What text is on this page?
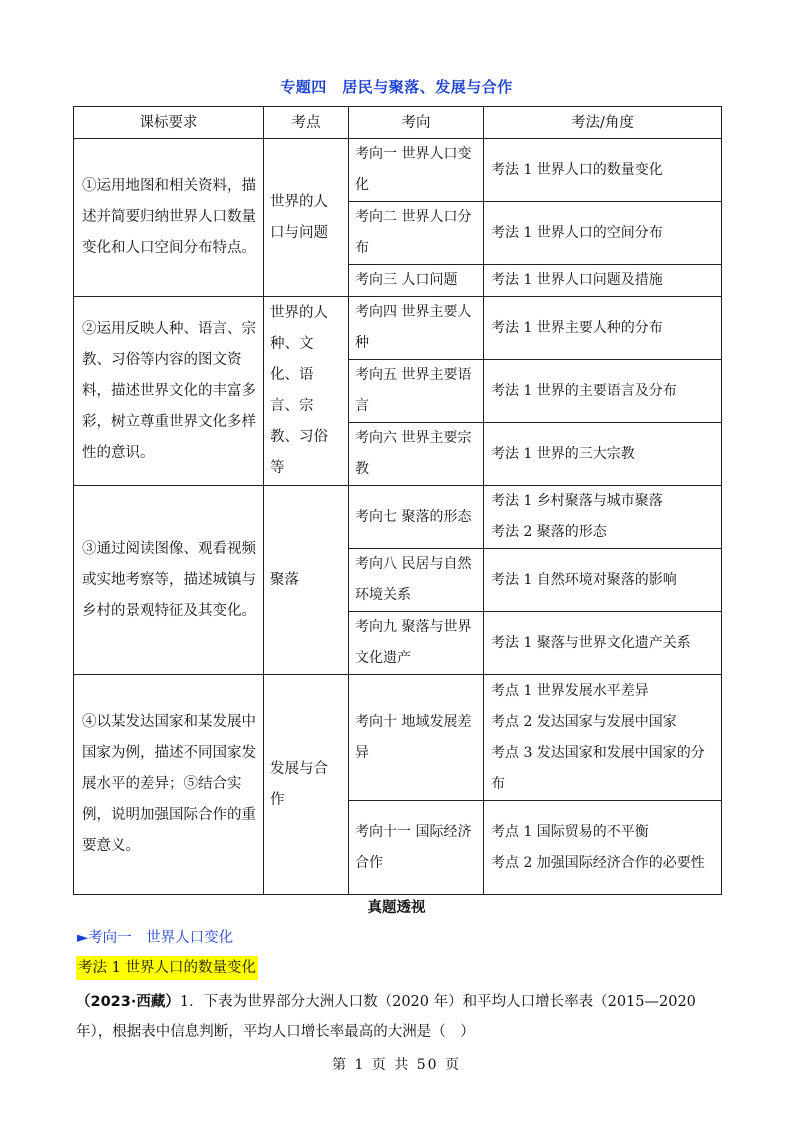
专题四　居民与聚落、发展与合作
课标要求	考点	考向	考法/角度
①运用地图和相关资料，描述并简要归纳世界人口数量变化和人口空间分布特点。	世界的人口与问题	考向一 世界人口变化	考法 1 世界人口的数量变化
		考向二 世界人口分布	考法 1 世界人口的空间分布
		考向三 人口问题	考法 1 世界人口问题及措施
②运用反映人种、语言、宗教、习俗等内容的图文资料，描述世界文化的丰富多彩，树立尊重世界文化多样性的意识。	世界的人种、文化、语言、宗教、习俗等	考向四 世界主要人种	考法 1 世界主要人种的分布
		考向五 世界主要语言	考法 1 世界的主要语言及分布
		考向六 世界主要宗教	考法 1 世界的三大宗教
③通过阅读图像、观看视频或实地考察等，描述城镇与乡村的景观特征及其变化。	聚落	考向七 聚落的形态	考法 1 乡村聚落与城市聚落
考法 2 聚落的形态

		考向八 民居与自然环境关系	考法 1 自然环境对聚落的影响
		考向九 聚落与世界文化遗产	考法 1 聚落与世界文化遗产关系
④以某发达国家和某发展中国家为例，描述不同国家发展水平的差异；⑤结合实例，说明加强国际合作的重要意义。	发展与合作	考向十 地域发展差异	考点 1 世界发展水平差异
考点 2 发达国家与发展中国家
考点 3 发达国家和发展中国家的分布

		考向十一 国际经济合作	考点 1 国际贸易的不平衡
考点 2 加强国际经济合作的必要性
真题透视
►考向一　世界人口变化
考法 1 世界人口的数量变化
（2023·西藏）1．下表为世界部分大洲人口数（2020 年）和平均人口增长率表（2015—2020 年），根据表中信息判断，平均人口增长率最高的大洲是（　）
第 1 页 共 50 页
